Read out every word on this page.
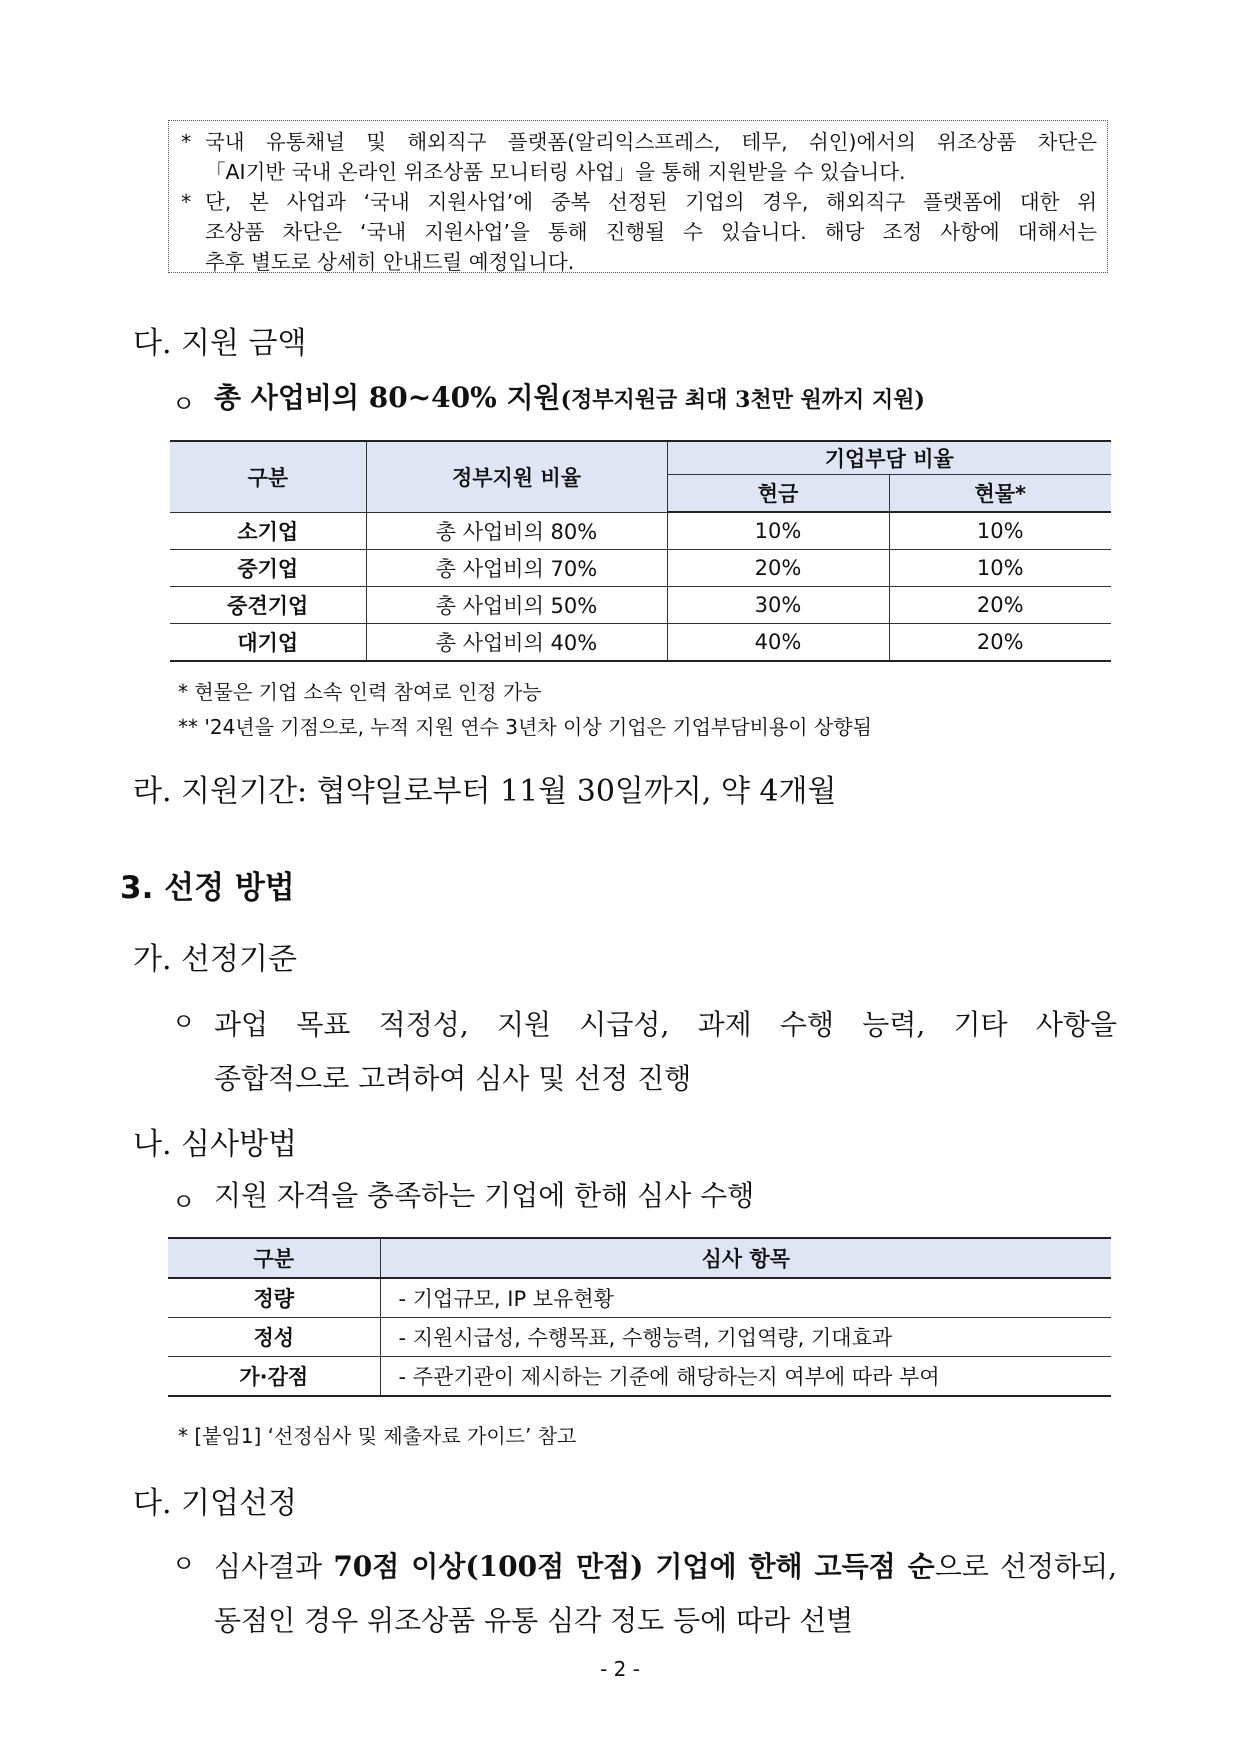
* 국내 유통채널 및 해외직구 플랫폼(알리익스프레스, 테무, 쉬인)에서의 위조상품 차단은
「AI기반 국내 온라인 위조상품 모니터링 사업」을 통해 지원받을 수 있습니다.
* 단, 본 사업과 ‘국내 지원사업’에 중복 선정된 기업의 경우, 해외직구 플랫폼에 대한 위
조상품 차단은 ‘국내 지원사업’을 통해 진행될 수 있습니다. 해당 조정 사항에 대해서는
추후 별도로 상세히 안내드릴 예정입니다.
다. 지원 금액
ㅇ 총 사업비의 80~40% 지원(정부지원금 최대 3천만 원까지 지원)
구분	정부지원 비율	기업부담 비율	
		현금	현물*
소기업	총 사업비의 80%	10%	10%
중기업	총 사업비의 70%	20%	10%
중견기업	총 사업비의 50%	30%	20%
대기업	총 사업비의 40%	40%	20%
* 현물은 기업 소속 인력 참여로 인정 가능
** '24년을 기점으로, 누적 지원 연수 3년차 이상 기업은 기업부담비용이 상향됨
라. 지원기간: 협약일로부터 11월 30일까지, 약 4개월
3. 선정 방법
가. 선정기준
ㅇ 과업 목표 적정성, 지원 시급성, 과제 수행 능력, 기타 사항을
종합적으로 고려하여 심사 및 선정 진행
나. 심사방법
ㅇ 지원 자격을 충족하는 기업에 한해 심사 수행
구분	심사 항목
정량	- 기업규모, IP 보유현황
정성	- 지원시급성, 수행목표, 수행능력, 기업역량, 기대효과
가·감점	- 주관기관이 제시하는 기준에 해당하는지 여부에 따라 부여
* [붙임1] ‘선정심사 및 제출자료 가이드’ 참고
다. 기업선정
ㅇ 심사결과 70점 이상(100점 만점) 기업에 한해 고득점 순으로 선정하되,
동점인 경우 위조상품 유통 심각 정도 등에 따라 선별
- 2 -
